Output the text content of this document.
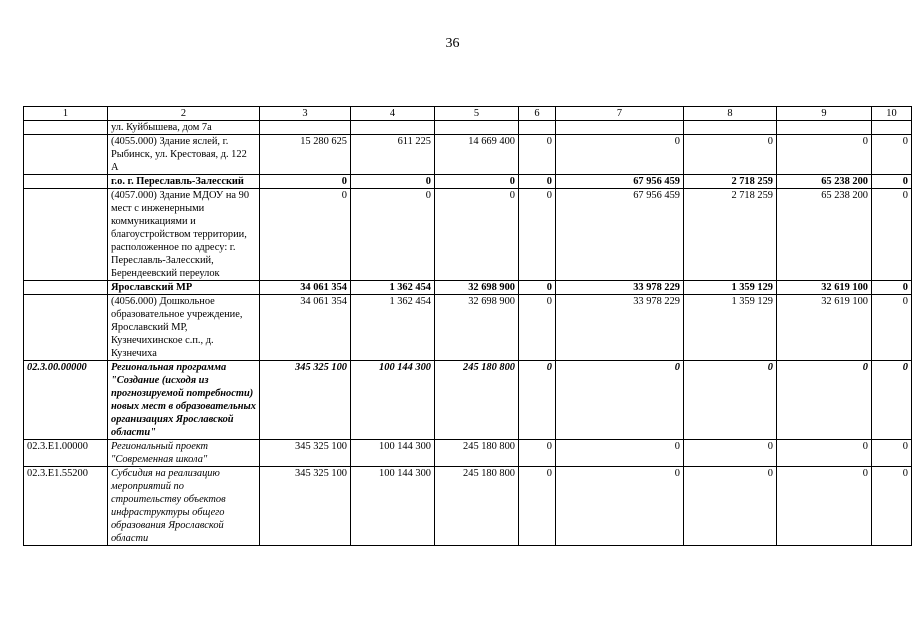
36
1	2	3	4	5	6	7	8	9	10
	ул. Куйбышева, дом 7а								
	(4055.000) Здание яслей, г. Рыбинск, ул. Крестовая, д. 122 А	15 280 625	611 225	14 669 400	0	0	0	0	0
	г.о. г. Переславль-Залесский	0	0	0	0	67 956 459	2 718 259	65 238 200	0
	(4057.000) Здание МДОУ на 90 мест с инженерными коммуникациями и благоустройством территории, расположенное по адресу: г. Переславль-Залесский, Берендеевский переулок	0	0	0	0	67 956 459	2 718 259	65 238 200	0
	Ярославский МР	34 061 354	1 362 454	32 698 900	0	33 978 229	1 359 129	32 619 100	0
	(4056.000) Дошкольное образовательное учреждение, Ярославский МР, Кузнечихинское с.п., д. Кузнечиха	34 061 354	1 362 454	32 698 900	0	33 978 229	1 359 129	32 619 100	0
02.3.00.00000	Региональная программа "Создание (исходя из прогнозируемой потребности) новых мест в образовательных организациях Ярославской области"	345 325 100	100 144 300	245 180 800	0	0	0	0	0
02.3.Е1.00000	Региональный проект "Современная школа"	345 325 100	100 144 300	245 180 800	0	0	0	0	0
02.3.Е1.55200	Субсидия на реализацию мероприятий по строительству объектов инфраструктуры общего образования Ярославской области	345 325 100	100 144 300	245 180 800	0	0	0	0	0
